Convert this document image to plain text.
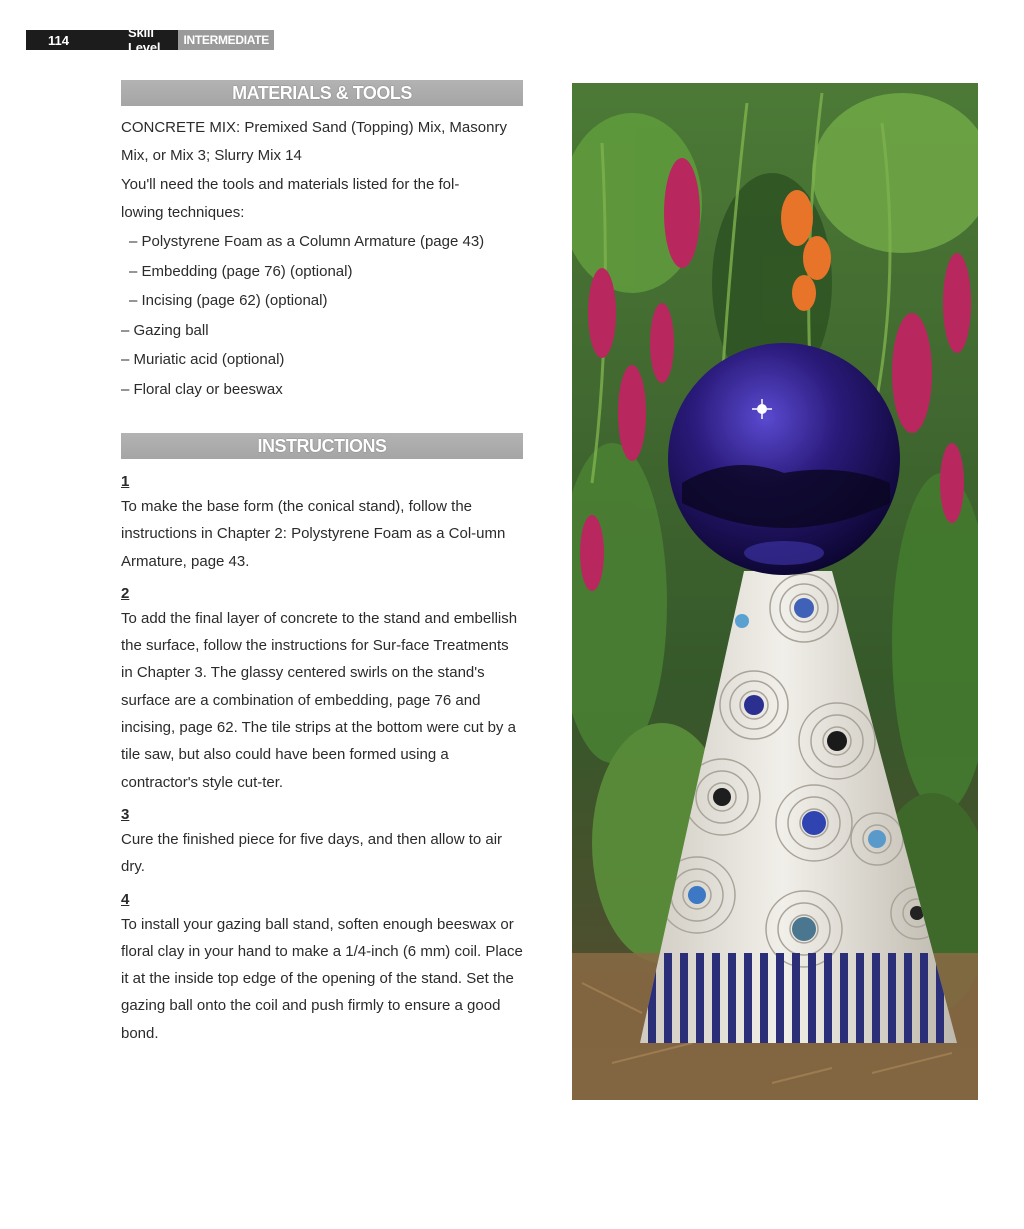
114	Skill Level	INTERMEDIATE
MATERIALS & TOOLS
CONCRETE MIX: Premixed Sand (Topping) Mix, Masonry
Mix, or Mix 3; Slurry Mix 14
You'll need the tools and materials listed for the fol-
lowing techniques:
– Polystyrene Foam as a Column Armature (page 43)
– Embedding (page 76) (optional)
– Incising (page 62) (optional)
– Gazing ball
– Muriatic acid (optional)
– Floral clay or beeswax
INSTRUCTIONS
1
To make the base form (the conical stand), follow the instructions in Chapter 2: Polystyrene Foam as a Col-umn Armature, page 43.
2
To add the final layer of concrete to the stand and embellish the surface, follow the instructions for Sur-face Treatments in Chapter 3. The glassy centered swirls on the stand's surface are a combination of embedding, page 76 and incising, page 62. The tile strips at the bottom were cut by a tile saw, but also could have been formed using a contractor's style cut-ter.
3
Cure the finished piece for five days, and then allow to air dry.
4
To install your gazing ball stand, soften enough beeswax or floral clay in your hand to make a 1/4-inch (6 mm) coil. Place it at the inside top edge of the opening of the stand. Set the gazing ball onto the coil and push firmly to ensure a good bond.
